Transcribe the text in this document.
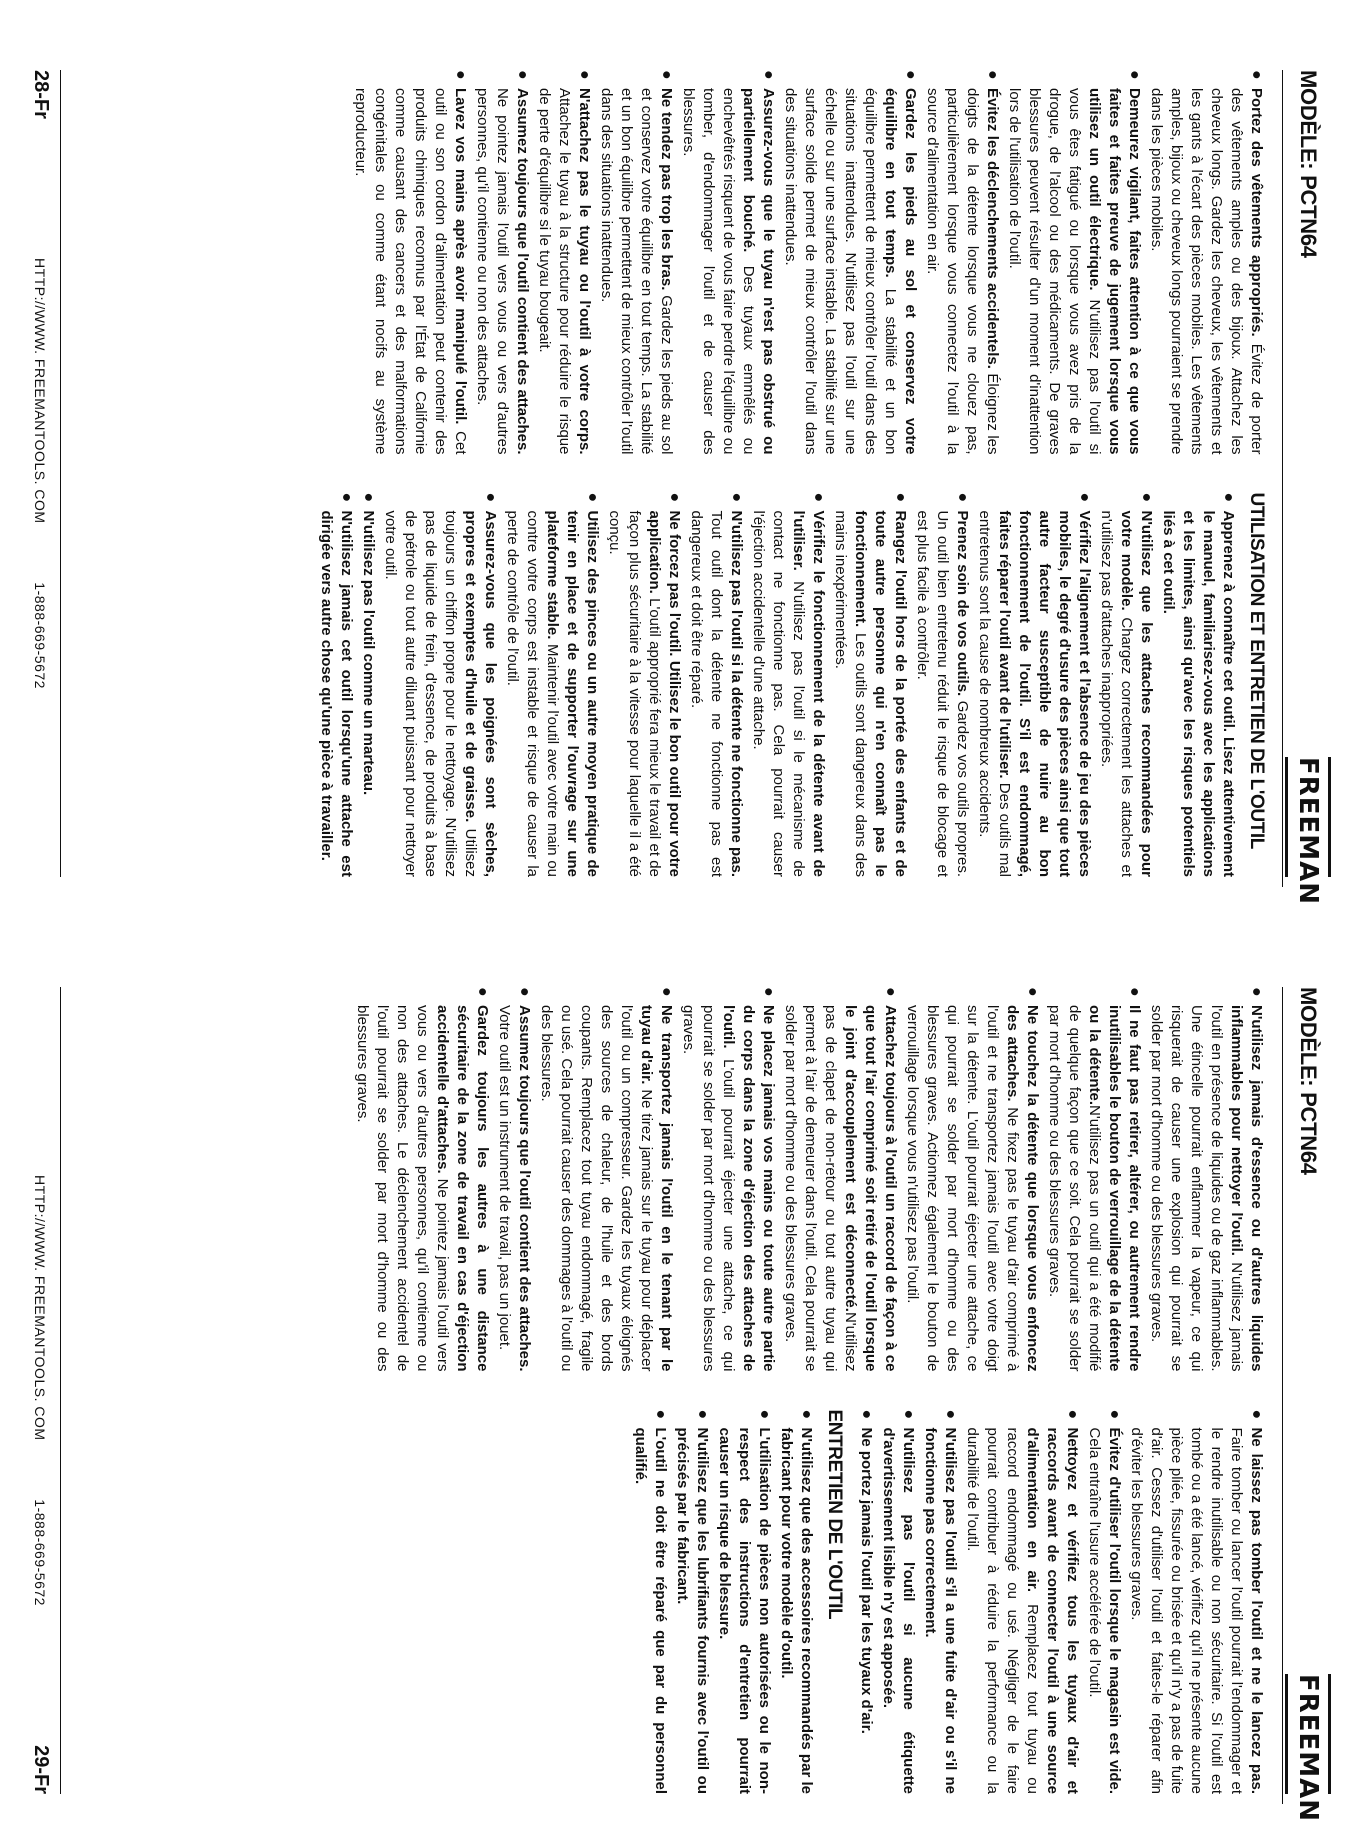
MODÈLE: PCTN64
FREEMAN
●
Portez des vêtements appropriés. Évitez de porter des vêtements amples ou des bijoux. Attachez les cheveux longs. Gardez les cheveux, les vêtements et les gants à l'écart des pièces mobiles. Les vêtements amples, bijoux ou cheveux longs pourraient se prendre dans les pièces mobiles.
●
Demeurez vigilant, faites attention à ce que vous faites et faites preuve de jugement lorsque vous utilisez un outil électrique. N'utilisez pas l'outil si vous êtes fatigué ou lorsque vous avez pris de la drogue, de l'alcool ou des médicaments. De graves blessures peuvent résulter d'un moment d'inattention lors de l'utilisation de l'outil.
●
Évitez les déclenchements accidentels. Éloignez les doigts de la détente lorsque vous ne clouez pas, particulièrement lorsque vous connectez l'outil à la source d'alimentation en air.
●
Gardez les pieds au sol et conservez votre équilibre en tout temps. La stabilité et un bon équilibre permettent de mieux contrôler l'outil dans des situations inattendues. N'utilisez pas l'outil sur une échelle ou sur une surface instable. La stabilité sur une surface solide permet de mieux contrôler l'outil dans des situations inattendues.
●
Assurez-vous que le tuyau n'est pas obstrué ou partiellement bouché. Des tuyaux emmêlés ou enchevêtrés risquent de vous faire perdre l'équilibre ou tomber, d'endommager l'outil et de causer des blessures.
●
Ne tendez pas trop les bras. Gardez les pieds au sol et conservez votre équilibre en tout temps. La stabilité et un bon équilibre permettent de mieux contrôler l'outil dans des situations inattendues.
●
N'attachez pas le tuyau ou l'outil à votre corps. Attachez le tuyau à la structure pour réduire le risque de perte d'équilibre si le tuyau bougeait.
●
Assumez toujours que l'outil contient des attaches. Ne pointez jamais l'outil vers vous ou vers d'autres personnes, qu'il contienne ou non des attaches.
●
Lavez vos mains après avoir manipulé l'outil. Cet outil ou son cordon d'alimentation peut contenir des produits chimiques reconnus par l'État de Californie comme causant des cancers et des malformations congénitales ou comme étant nocifs au système reproducteur.
UTILISATION ET ENTRETIEN DE L'OUTIL
●
Apprenez à connaître cet outil. Lisez attentivement le manuel, familiarisez-vous avec les applications et les limites, ainsi qu'avec les risques potentiels liés à cet outil.
●
N'utilisez que les attaches recommandées pour votre modèle. Chargez correctement les attaches et n'utilisez pas d'attaches inappropriées.
●
Vérifiez l'alignement et l'absence de jeu des pièces mobiles, le degré d'usure des pièces ainsi que tout autre facteur susceptible de nuire au bon fonctionnement de l'outil. S'il est endommagé, faites réparer l'outil avant de l'utiliser. Des outils mal entretenus sont la cause de nombreux accidents.
●
Prenez soin de vos outils. Gardez vos outils propres. Un outil bien entretenu réduit le risque de blocage et est plus facile à contrôler.
●
Rangez l'outil hors de la portée des enfants et de toute autre personne qui n'en connaît pas le fonctionnement. Les outils sont dangereux dans des mains inexpérimentées.
●
Vérifiez le fonctionnement de la détente avant de l'utiliser. N'utilisez pas l'outil si le mécanisme de contact ne fonctionne pas. Cela pourrait causer l'éjection accidentelle d'une attache.
●
N'utilisez pas l'outil si la détente ne fonctionne pas. Tout outil dont la détente ne fonctionne pas est dangereux et doit être réparé.
●
Ne forcez pas l'outil. Utilisez le bon outil pour votre application. L'outil approprié fera mieux le travail et de façon plus sécuritaire à la vitesse pour laquelle il a été conçu.
●
Utilisez des pinces ou un autre moyen pratique de tenir en place et de supporter l'ouvrage sur une plateforme stable. Maintenir l'outil avec votre main ou contre votre corps est instable et risque de causer la perte de contrôle de l'outil.
●
Assurez-vous que les poignées sont sèches, propres et exemptes d'huile et de graisse. Utilisez toujours un chiffon propre pour le nettoyage. N'utilisez pas de liquide de frein, d'essence, de produits à base de pétrole ou tout autre diluant puissant pour nettoyer votre outil.
●
N'utilisez pas l'outil comme un marteau.
●
N'utilisez jamais cet outil lorsqu'une attache est dirigée vers autre chose qu'une pièce à travailler.
28-Fr
HTTP://WWW. FREEMANTOOLS. COM  1-888-669-5672
MODÈLE: PCTN64
FREEMAN
●
N'utilisez jamais d'essence ou d'autres liquides inflammables pour nettoyer l'outil. N'utilisez jamais l'outil en présence de liquides ou de gaz inflammables. Une étincelle pourrait enflammer la vapeur, ce qui risquerait de causer une explosion qui pourrait se solder par mort d'homme ou des blessures graves.
●
Il ne faut pas retirer, altérer, ou autrement rendre inutilisables le bouton de verrouillage de la détente ou la détente.N'utilisez pas un outil qui a été modifié de quelque façon que ce soit. Cela pourrait se solder par mort d'homme ou des blessures graves.
●
Ne touchez la détente que lorsque vous enfoncez des attaches. Ne fixez pas le tuyau d'air comprimé à l'outil et ne transportez jamais l'outil avec votre doigt sur la détente. L'outil pourrait éjecter une attache, ce qui pourrait se solder par mort d'homme ou des blessures graves. Actionnez également le bouton de verrouillage lorsque vous n'utilisez pas l'outil.
●
Attachez toujours à l'outil un raccord de façon à ce que tout l'air comprimé soit retiré de l'outil lorsque le joint d'accouplement est déconnecté.N'utilisez pas de clapet de non-retour ou tout autre tuyau qui permet à l'air de demeurer dans l'outil. Cela pourrait se solder par mort d'homme ou des blessures graves.
●
Ne placez jamais vos mains ou toute autre partie du corps dans la zone d'éjection des attaches de l'outil. L'outil pourrait éjecter une attache, ce qui pourrait se solder par mort d'homme ou des blessures graves.
●
Ne transportez jamais l'outil en le tenant par le tuyau d'air. Ne tirez jamais sur le tuyau pour déplacer l'outil ou un compresseur. Gardez les tuyaux éloignés des sources de chaleur, de l'huile et des bords coupants. Remplacez tout tuyau endommagé, fragile ou usé. Cela pourrait causer des dommages à l'outil ou des blessures.
●
Assumez toujours que l'outil contient des attaches. Votre outil est un instrument de travail, pas un jouet.
●
Gardez toujours les autres à une distance sécuritaire de la zone de travail en cas d'éjection accidentelle d'attaches. Ne pointez jamais l'outil vers vous ou vers d'autres personnes, qu'il contienne ou non des attaches. Le déclenchement accidentel de l'outil pourrait se solder par mort d'homme ou des blessures graves.
●
Ne laissez pas tomber l'outil et ne le lancez pas. Faire tomber ou lancer l'outil pourrait l'endommager et le rendre inutilisable ou non sécuritaire. Si l'outil est tombé ou a été lancé, vérifiez qu'il ne présente aucune pièce pliée, fissurée ou brisée et qu'il n'y a pas de fuite d'air. Cessez d'utiliser l'outil et faites-le réparer afin d'éviter les blessures graves.
●
Évitez d'utiliser l'outil lorsque le magasin est vide. Cela entraîne l'usure accélérée de l'outil.
●
Nettoyez et vérifiez tous les tuyaux d'air et raccords avant de connecter l'outil à une source d'alimentation en air. Remplacez tout tuyau ou raccord endommagé ou usé. Négliger de le faire pourrait contribuer à réduire la performance ou la durabilité de l'outil.
●
N'utilisez pas l'outil s'il a une fuite d'air ou s'il ne fonctionne pas correctement.
●
N'utilisez pas l'outil si aucune étiquette d'avertissement lisible n'y est apposée.
●
Ne portez jamais l'outil par les tuyaux d'air.
ENTRETIEN DE L'OUTIL
●
N'utilisez que des accessoires recommandés par le fabricant pour votre modèle d'outil.
●
L'utilisation de pièces non autorisées ou le non-respect des instructions d'entretien pourrait causer un risque de blessure.
●
N'utilisez que les lubrifiants fournis avec l'outil ou précisés par le fabricant.
●
L'outil ne doit être réparé que par du personnel qualifié.
HTTP://WWW. FREEMANTOOLS. COM  1-888-669-5672
29-Fr
